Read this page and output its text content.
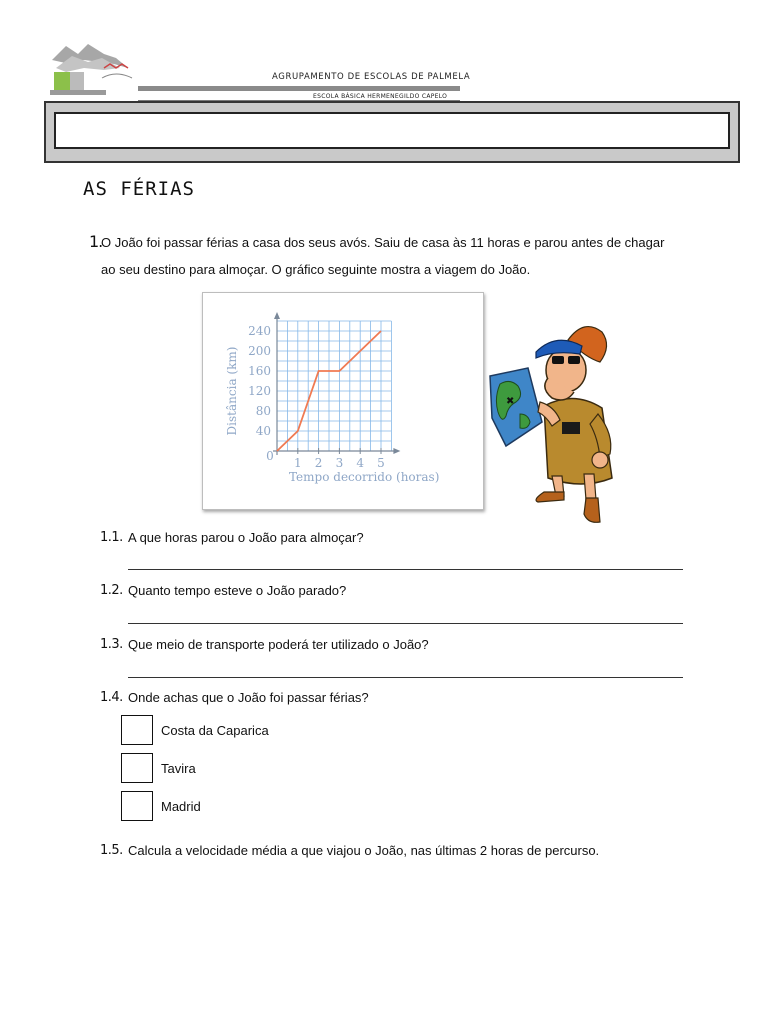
AGRUPAMENTO DE ESCOLAS DE PALMELA
ESCOLA BÁSICA HERMENEGILDO CAPELO
AS FÉRIAS
1.
O João foi passar férias a casa dos seus avós. Saiu de casa às 11 horas e parou antes de chagar
ao seu destino para almoçar. O gráfico seguinte mostra a viagem do João.
1 2 3 4 5
40
80
120
160
200
240
0
Tempo decorrido (horas)
Distância (km)	✖
1.1. A que horas parou o João para almoçar?
1.2. Quanto tempo esteve o João parado?
1.3. Que meio de transporte poderá ter utilizado o João?
1.4. Onde achas que o João foi passar férias?
Costa da Caparica
Tavira
Madrid
1.5. Calcula a velocidade média a que viajou o João, nas últimas 2 horas de percurso.
